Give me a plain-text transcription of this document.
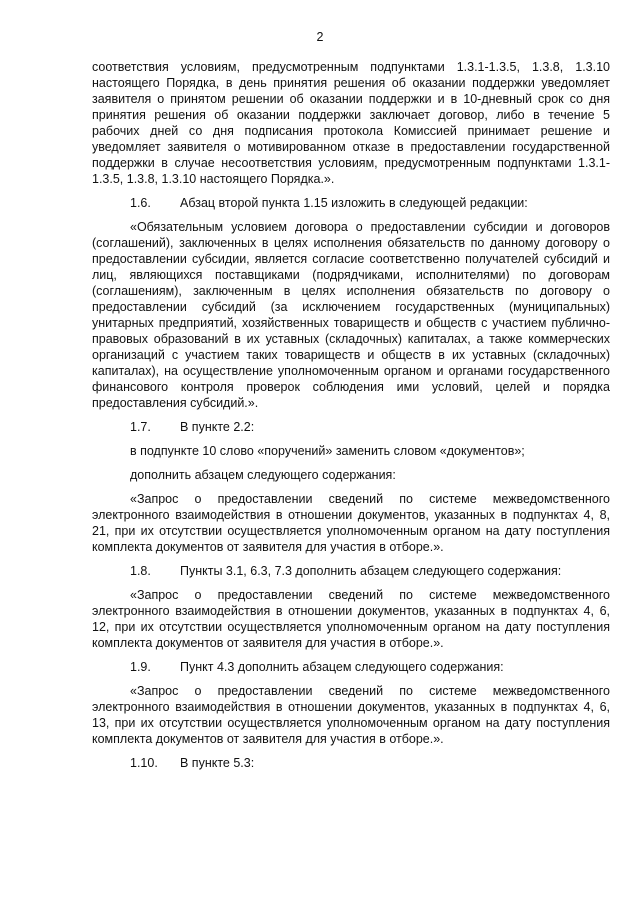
2

соответствия условиям, предусмотренным подпунктами 1.3.1-1.3.5, 1.3.8, 1.3.10 настоящего Порядка, в день принятия решения об оказании поддержки уведомляет заявителя о принятом решении об оказании поддержки и в 10-дневный срок со дня принятия решения об оказании поддержки заключает договор, либо в течение 5 рабочих дней со дня подписания протокола Комиссией принимает решение и уведомляет заявителя о мотивированном отказе в предоставлении государственной поддержки в случае несоответствия условиям, предусмотренным подпунктами 1.3.1-1.3.5, 1.3.8, 1.3.10 настоящего Порядка.».

1.6. Абзац второй пункта 1.15 изложить в следующей редакции:

«Обязательным условием договора о предоставлении субсидии и договоров (соглашений), заключенных в целях исполнения обязательств по данному договору о предоставлении субсидии, является согласие соответственно получателей субсидий и лиц, являющихся поставщиками (подрядчиками, исполнителями) по договорам (соглашениям), заключенным в целях исполнения обязательств по договору о предоставлении субсидий (за исключением государственных (муниципальных) унитарных предприятий, хозяйственных товариществ и обществ с участием публично-правовых образований в их уставных (складочных) капиталах, а также коммерческих организаций с участием таких товариществ и обществ в их уставных (складочных) капиталах), на осуществление уполномоченным органом и органами государственного финансового контроля проверок соблюдения ими условий, целей и порядка предоставления субсидий.».

1.7. В пункте 2.2:

в подпункте 10 слово «поручений» заменить словом «документов»;

дополнить абзацем следующего содержания:

«Запрос о предоставлении сведений по системе межведомственного электронного взаимодействия в отношении документов, указанных в подпунктах 4, 8, 21, при их отсутствии осуществляется уполномоченным органом на дату поступления комплекта документов от заявителя для участия в отборе.».

1.8. Пункты 3.1, 6.3, 7.3 дополнить абзацем следующего содержания:

«Запрос о предоставлении сведений по системе межведомственного электронного взаимодействия в отношении документов, указанных в подпунктах 4, 6, 12, при их отсутствии осуществляется уполномоченным органом на дату поступления комплекта документов от заявителя для участия в отборе.».

1.9. Пункт 4.3 дополнить абзацем следующего содержания:

«Запрос о предоставлении сведений по системе межведомственного электронного взаимодействия в отношении документов, указанных в подпунктах 4, 6, 13, при их отсутствии осуществляется уполномоченным органом на дату поступления комплекта документов от заявителя для участия в отборе.».

1.10. В пункте 5.3:
